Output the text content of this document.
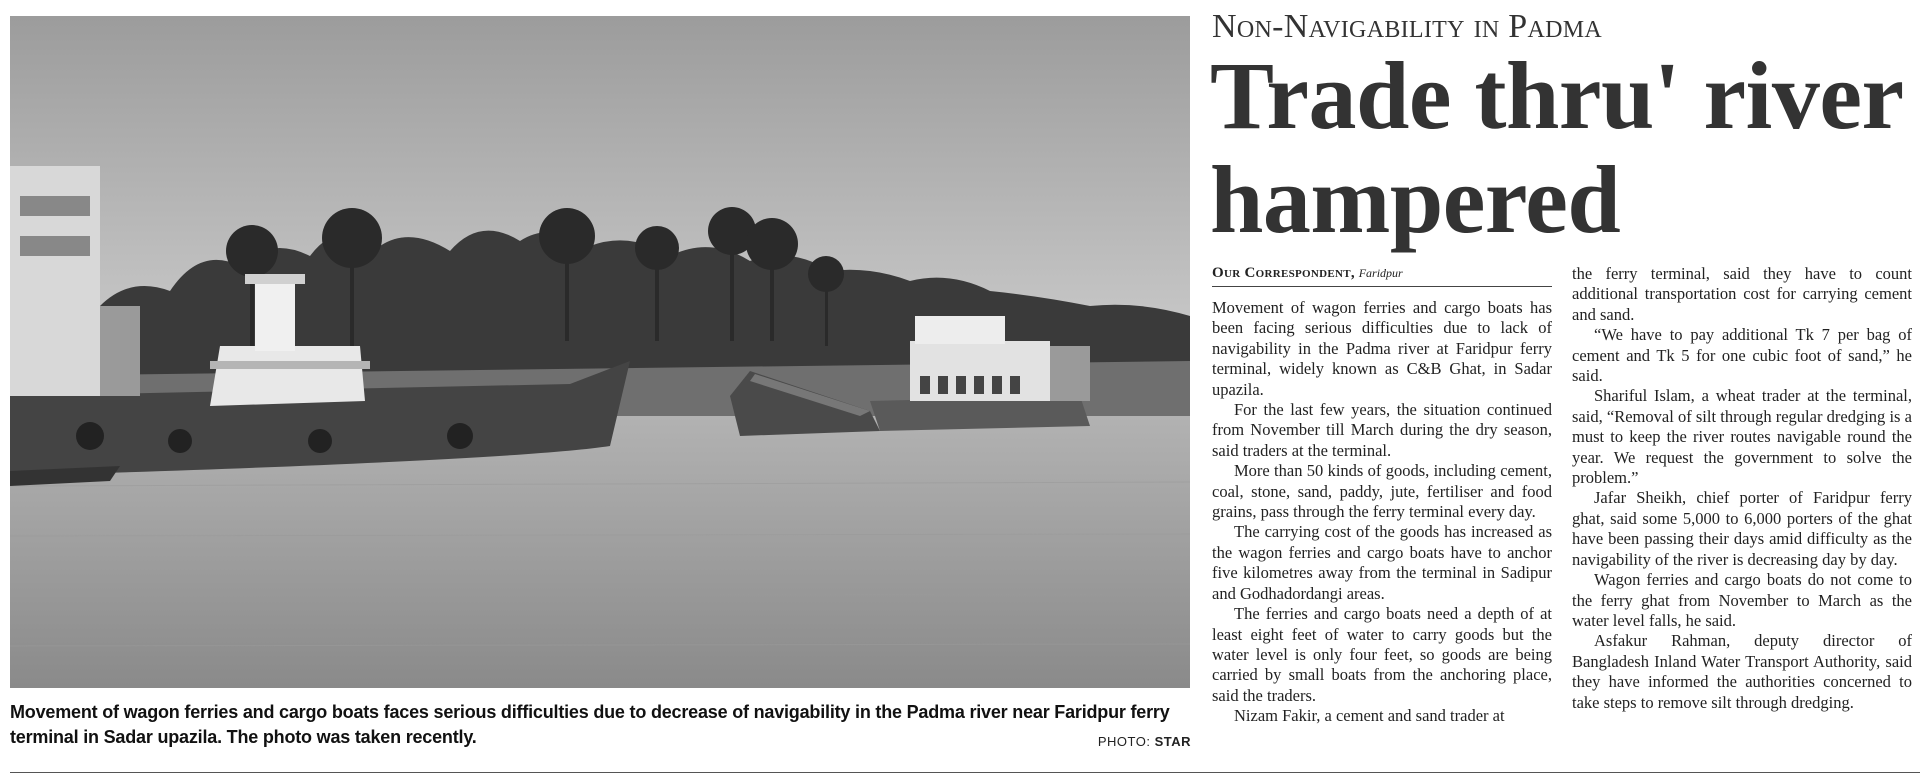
Movement of wagon ferries and cargo boats faces serious difficulties due to decrease of navigability in the Padma river near Faridpur ferry terminal in Sadar upazila. The photo was taken recently.	PHOTO: STAR
Non-Navigability in Padma
Trade thru' river hampered
Our Correspondent, Faridpur

Movement of wagon ferries and cargo boats has been facing serious difficulties due to lack of navigability in the Padma river at Faridpur ferry terminal, widely known as C&B Ghat, in Sadar upazila.

For the last few years, the situation continued from November till March during the dry season, said traders at the terminal.

More than 50 kinds of goods, including cement, coal, stone, sand, paddy, jute, fertiliser and food grains, pass through the ferry terminal every day.

The carrying cost of the goods has increased as the wagon ferries and cargo boats have to anchor five kilometres away from the terminal in Sadipur and Godhadordangi areas.

The ferries and cargo boats need a depth of at least eight feet of water to carry goods but the water level is only four feet, so goods are being carried by small boats from the anchoring place, said the traders.

Nizam Fakir, a cement and sand trader at

the ferry terminal, said they have to count additional transportation cost for carrying cement and sand.

“We have to pay additional Tk 7 per bag of cement and Tk 5 for one cubic foot of sand,” he said.

Shariful Islam, a wheat trader at the terminal, said, “Removal of silt through regular dredging is a must to keep the river routes navigable round the year. We request the government to solve the problem.”

Jafar Sheikh, chief porter of Faridpur ferry ghat, said some 5,000 to 6,000 porters of the ghat have been passing their days amid difficulty as the navigability of the river is decreasing day by day.

Wagon ferries and cargo boats do not come to the ferry ghat from November to March as the water level falls, he said.

Asfakur Rahman, deputy director of Bangladesh Inland Water Transport Authority, said they have informed the authorities concerned to take steps to remove silt through dredging.
